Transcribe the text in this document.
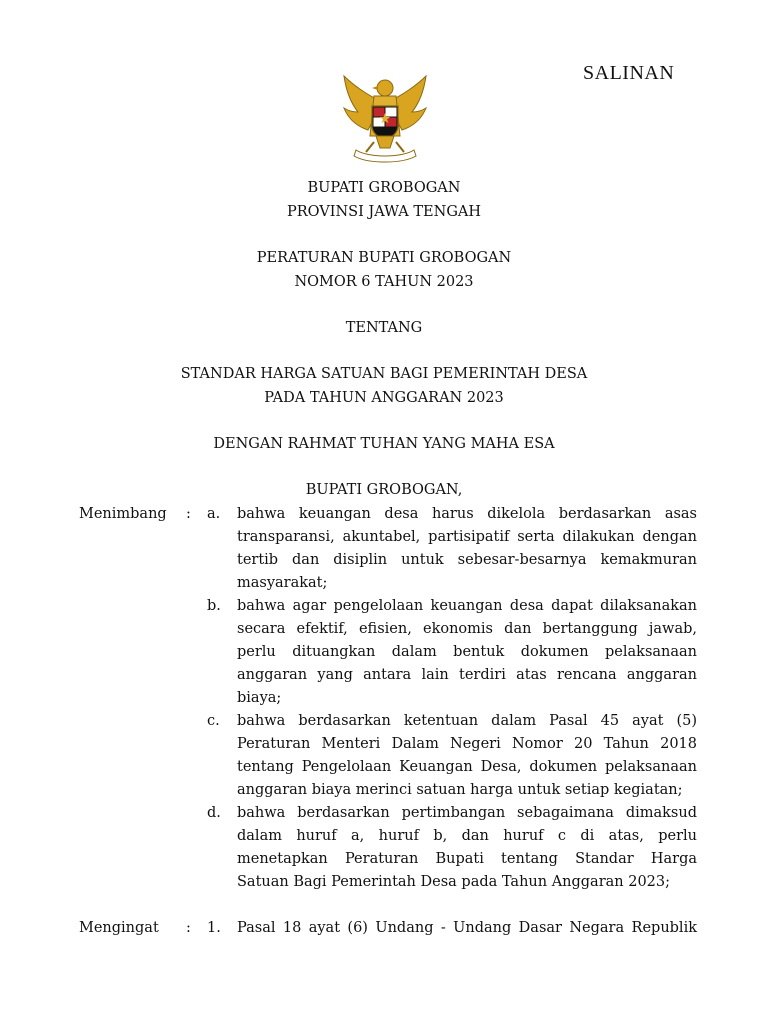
SALINAN
BUPATI GROBOGAN
PROVINSI JAWA TENGAH
PERATURAN BUPATI GROBOGAN
NOMOR 6 TAHUN 2023
TENTANG
STANDAR HARGA SATUAN BAGI PEMERINTAH DESA
PADA TAHUN ANGGARAN 2023
DENGAN RAHMAT TUHAN YANG MAHA ESA
BUPATI GROBOGAN,
Menimbang : a. bahwa keuangan desa harus dikelola berdasarkan asas
transparansi, akuntabel, partisipatif serta dilakukan dengan
tertib dan disiplin untuk sebesar-besarnya kemakmuran
masyarakat;
b. bahwa agar pengelolaan keuangan desa dapat dilaksanakan
secara efektif, efisien, ekonomis dan bertanggung jawab,
perlu dituangkan dalam bentuk dokumen pelaksanaan
anggaran yang antara lain terdiri atas rencana anggaran
biaya;
c. bahwa berdasarkan ketentuan dalam Pasal 45 ayat (5)
Peraturan Menteri Dalam Negeri Nomor 20 Tahun 2018
tentang Pengelolaan Keuangan Desa, dokumen pelaksanaan
anggaran biaya merinci satuan harga untuk setiap kegiatan;
d. bahwa berdasarkan pertimbangan sebagaimana dimaksud
dalam huruf a, huruf b, dan huruf c di atas, perlu
menetapkan Peraturan Bupati tentang Standar Harga
Satuan Bagi Pemerintah Desa pada Tahun Anggaran 2023;
Mengingat : 1. Pasal 18 ayat (6) Undang - Undang Dasar Negara Republik
